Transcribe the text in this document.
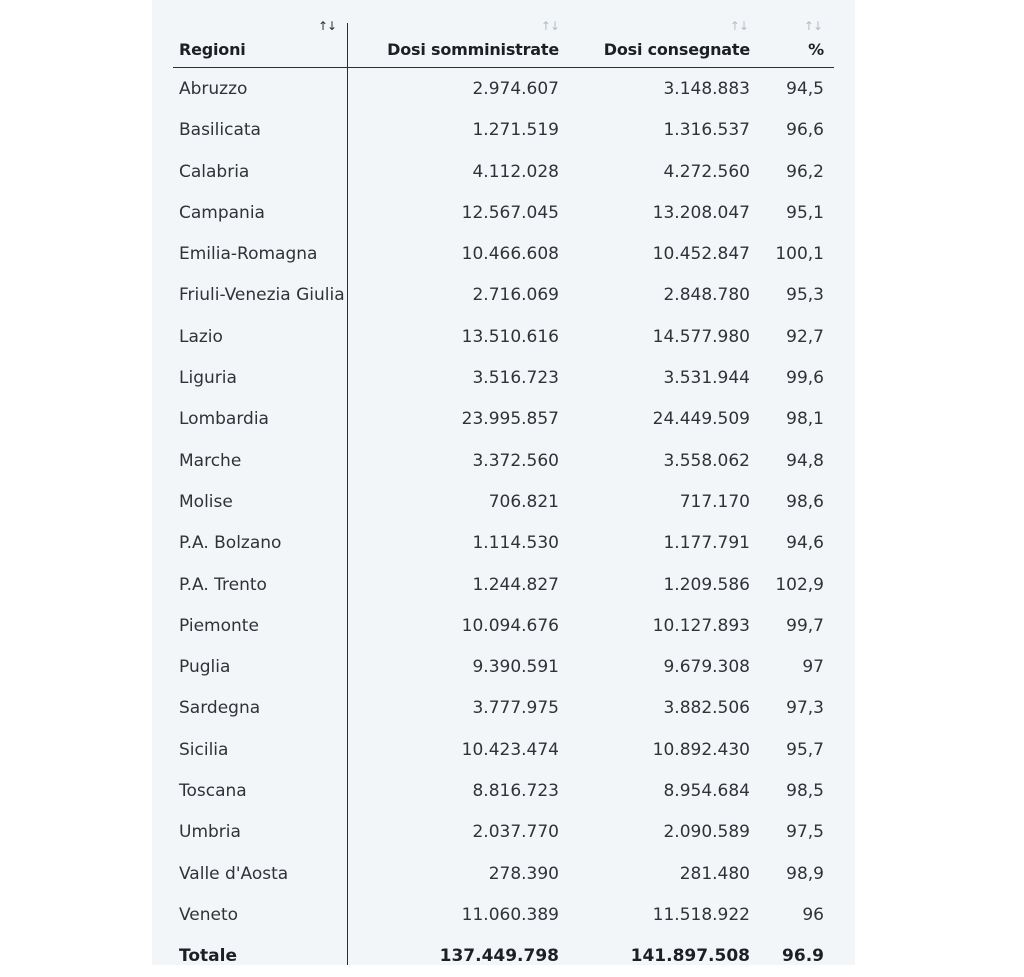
Regioni
↑↓
Dosi somministrate
↑↓
Dosi consegnate
↑↓
%
↑↓
Abruzzo	2.974.607	3.148.883 94,5
Basilicata	1.271.519	1.316.537 96,6
Calabria	4.112.028	4.272.560 96,2
Campania	12.567.045	13.208.047 95,1
Emilia-Romagna	10.466.608	10.452.847 100,1
Friuli-Venezia Giulia	2.716.069	2.848.780 95,3
Lazio	13.510.616	14.577.980 92,7
Liguria	3.516.723	3.531.944 99,6
Lombardia	23.995.857	24.449.509 98,1
Marche	3.372.560	3.558.062 94,8
Molise	706.821	717.170 98,6
P.A. Bolzano	1.114.530	1.177.791 94,6
P.A. Trento	1.244.827	1.209.586 102,9
Piemonte	10.094.676	10.127.893 99,7
Puglia	9.390.591	9.679.308	97
Sardegna	3.777.975	3.882.506 97,3
Sicilia	10.423.474	10.892.430 95,7
Toscana	8.816.723	8.954.684 98,5
Umbria	2.037.770	2.090.589 97,5
Valle d'Aosta	278.390	281.480 98,9
Veneto	11.060.389	11.518.922	96
Totale	137.449.798	141.897.508 96.9
